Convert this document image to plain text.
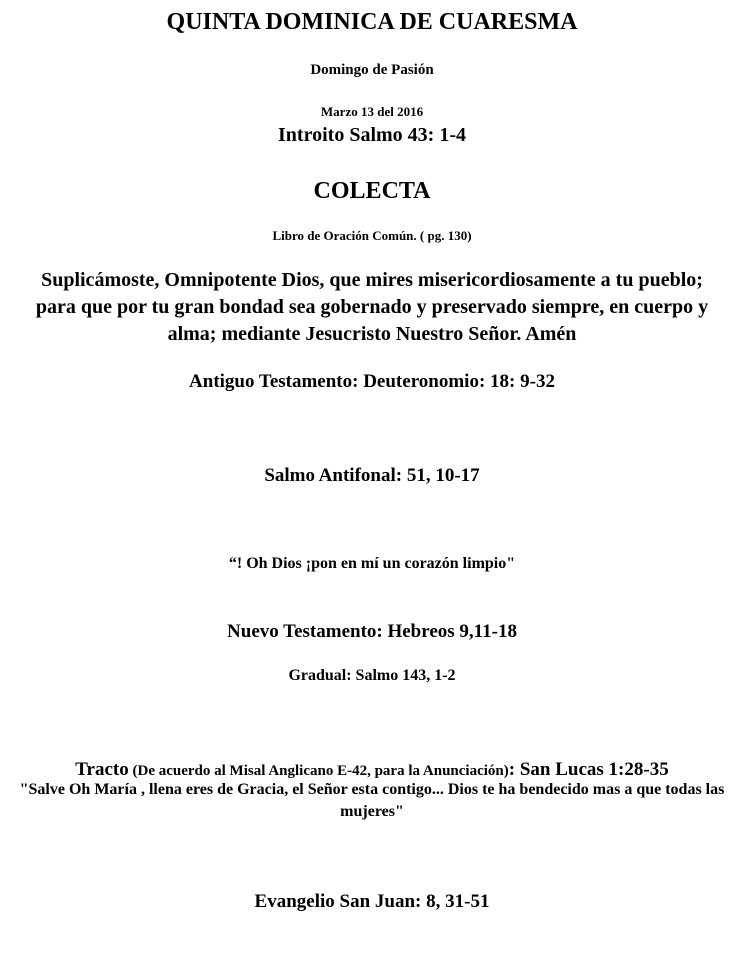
QUINTA DOMINICA DE CUARESMA
Domingo de Pasión
Marzo 13 del 2016
Introito Salmo 43: 1-4
COLECTA
Libro de Oración Común. ( pg. 130)
Suplicámoste, Omnipotente Dios, que mires misericordiosamente a tu pueblo; para que por tu gran bondad sea gobernado y preservado siempre, en cuerpo y alma; mediante Jesucristo Nuestro Señor. Amén
Antiguo Testamento: Deuteronomio: 18: 9-32
Salmo Antifonal: 51, 10-17
“! Oh Dios ¡pon en mí un corazón limpio"
Nuevo Testamento: Hebreos 9,11-18
Gradual: Salmo 143, 1-2
Tracto (De acuerdo al Misal Anglicano E-42, para la Anunciación): San Lucas 1:28-35
"Salve Oh María , llena eres de Gracia, el Señor esta contigo... Dios te ha bendecido mas a que todas las mujeres"
Evangelio San Juan: 8, 31-51
